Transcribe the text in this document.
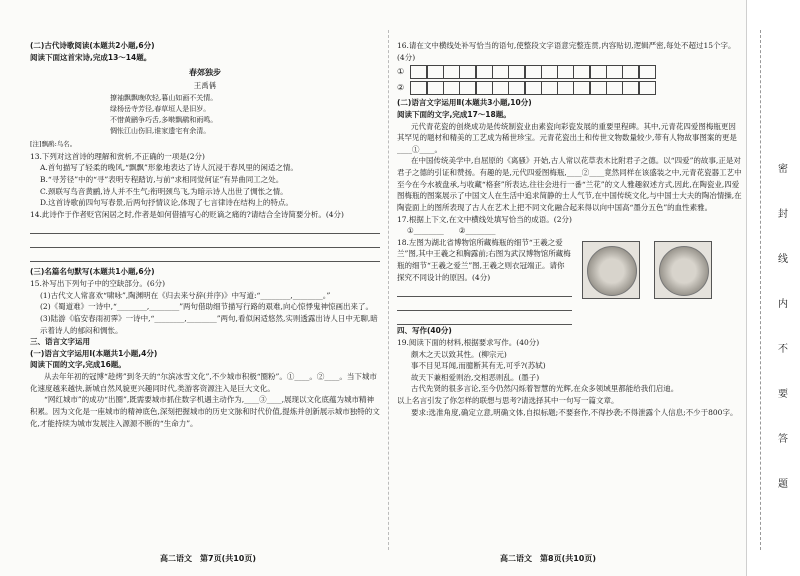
(二)古代诗歌阅读(本题共2小题,6分)

阅读下面这首宋诗,完成13～14题。

春郊独步

王禹偁

撩袖飘飘晚吹轻,暮山如画不关情。

绿杨岳寺芳径,春草垣人是旧岁。

不惜黄鹂争巧舌,多啭飘鹝和雨鸣。

惆怅江山伤旧,谁家遗宅有余清。

[注]飘鹝:鸟名。

13.下列对这首诗的理解和赏析,不正确的一项是(2分)

A.首句描写了轻柔的晚风,“飘飘”形象地表达了诗人沉浸于春风里的闲适之情。

B.“寻芳径”中的“寻”表明专程踏访,与前“求相同觉何证”有异曲同工之处。

C.颈联写鸟音黄鹂,诗人并不生气;衔明颈鸟飞,为暗示诗人出世了惆怅之情。

D.这首诗歌前四句写春景,后两句抒情议论,体现了七言律诗在结构上的特点。

14.此诗作于作者贬官闲居之时,作者是如何借描写心的贬谪之痛的?请结合全诗简要分析。(4分)

(三)名篇名句默写(本题共1小题,6分)

15.补写出下列句子中的空缺部分。(6分)

(1)古代文人常喜欢“啸咏”,陶渊明在《归去来兮辞(并序)》中写道:“________,________。”

(2)《蜀道难》一诗中,“________,________”两句借助细节描写行路的艰难,向心惊悸鬼神惊画出来了。

(3)陆游《临安春雨初霁》一诗中,“________,________”两句,看似闲适悠然,实则透露出诗人日中无聊,暗示着诗人的郁闷和惆怅。

三、语言文字运用

(一)语言文字运用Ⅰ(本题共1小题,4分)

阅读下面的文字,完成16题。

从去年年初的冠博“趁烤”到冬天的“尔滨冰雪文化”,不少城市积极“圈粉”。①____。②____。当下城市化速度越来越快,新城自然风貌更兴趣同时代,类游客资源注入是巨大文化。

“网红城市”的成功“出圈”,既需要城市抓住数字机遇主动作为,____③____,展现以文化底蕴为城市精神积累。因为文化是一座城市的精神底色,深刻把握城市的历史文脉和时代价值,提炼并创新展示城市独特的文化,才能持续为城市发展注入源源不断的“生命力”。

高二语文　第7页(共10页)

16.请在文中横线处补写恰当的语句,使整段文字语意完整连贯,内容贴切,逻辑严密,每处不超过15个字。(4分)

①
②

(二)语言文字运用Ⅱ(本题共3小题,10分)

阅读下面的文字,完成17～18题。

元代青花瓷的创烧成功是传统制瓷业由素瓷向彩瓷发展的重要里程碑。其中,元青花四爱图梅瓶更因其罕见的题材和精美的工艺成为稀世珍宝。元青花瓷出土和传世文物数量较少,带有人物故事图案的更是____①____。

在中国传统美学中,自屈原的《离骚》开始,古人常以花草表木比附君子之德。以“四爱”的故事,正是对君子之德的引证和赞扬。有趣的是,元代四爱图梅瓶,____②____竟然同样在该盛装之中,元青花瓷器工艺中至今在今水被盘承,与收藏“格套”所表达,往往会进行一番“兰花”的文人雅趣叙述方式,因此,在陶瓷业,四爱图梅瓶的图案展示了中国文人在生活中追求简静的士人气节,在中国传统文化,与中国士大夫的陶冶情操,在陶瓷面上的图所表现了古人在艺术上把不同文化融合起来得以向中国高“墨分五色”的血性素雅。

17.根据上下文,在文中横线处填写恰当的成语。(2分)

①________　　②________

18.左图为湖北省博物馆所藏梅瓶的细节“王羲之爱兰”图,其中王羲之和胸露前;右图为武汉博物馆所藏梅瓶的细节“王羲之爱兰”图,王羲之则衣冠端正。请你探究不同设计的原因。(4分)

四、写作(40分)

19.阅读下面的材料,根据要求写作。(40分)

颇木之天以致其性。(柳宗元)

事不目见耳闻,而臆断其有无,可乎?(苏轼)

故天下兼相爱则治,交相恶则乱。(墨子)

古代先贤的很多言论,至今仍然闪烁着智慧的光辉,在众多领域里都能给我们启迪。

以上名言引发了你怎样的联想与思考?请选择其中一句写一篇文章。

要求:选准角度,确定立意,明确文体,自拟标题;不要套作,不得抄袭;不得泄露个人信息;不少于800字。

高二语文　第8页(共10页)
密
封
线
内
不
要
答
题
